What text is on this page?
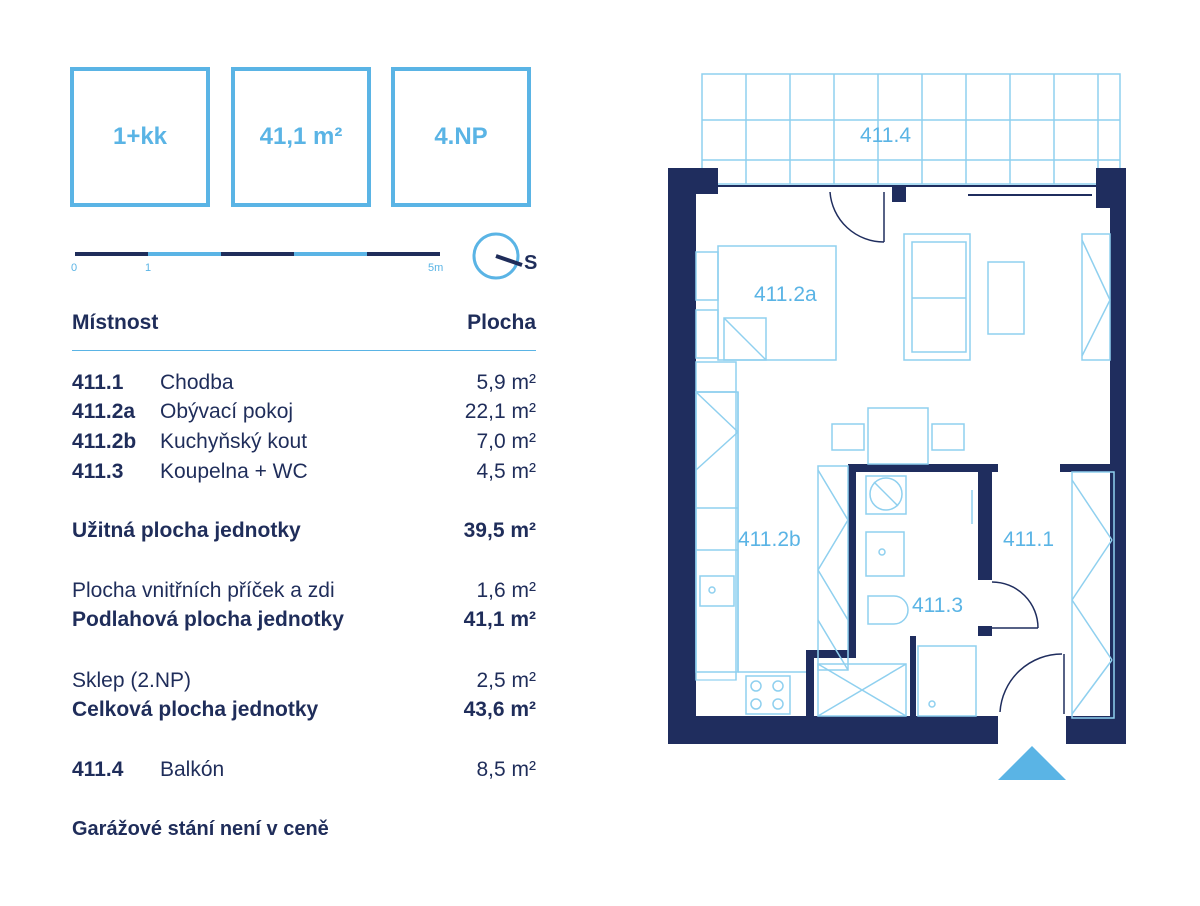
1+kk	41,1 m²	4.NP
0	1	5m	S
Místnost	Plocha
411.1 Chodba	5,9 m²
411.2a Obývací pokoj	22,1 m²
411.2b Kuchyňský kout	7,0 m²
411.3 Koupelna + WC	4,5 m²
Užitná plocha jednotky	39,5 m²
Plocha vnitřních příček a zdi	1,6 m²
Podlahová plocha jednotky	41,1 m²
Sklep (2.NP)	2,5 m²
Celková plocha jednotky	43,6 m²
411.4 Balkón	8,5 m²
Garážové stání není v ceně
411.4
411.2a
411.2b	411.1
411.3
